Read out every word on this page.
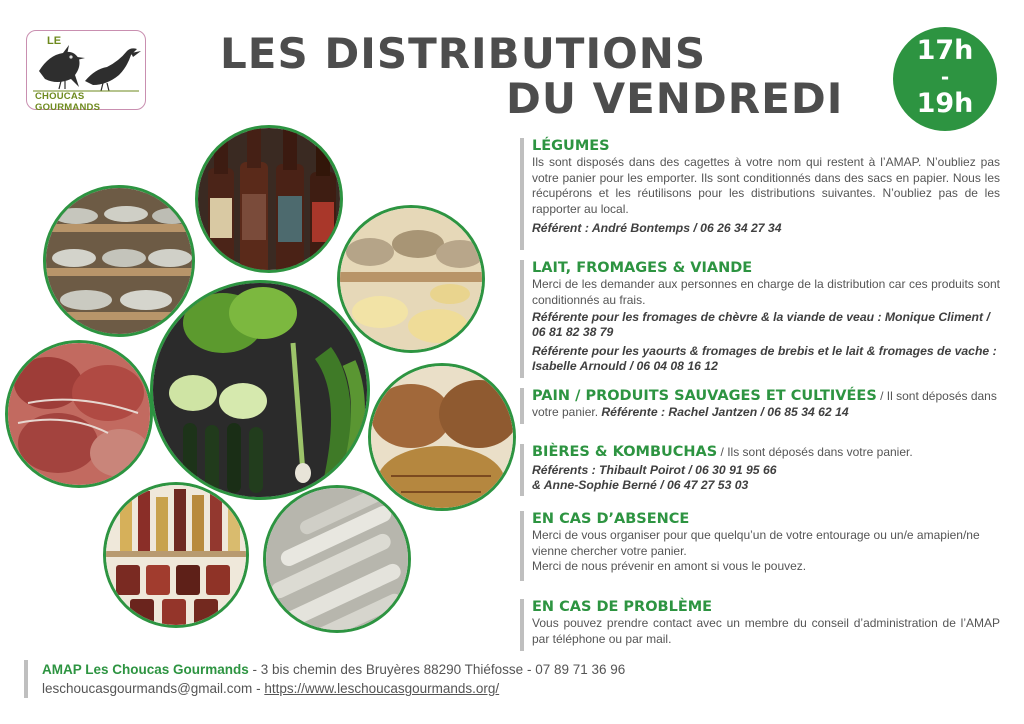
LE
CHOUCAS GOURMANDS
LES DISTRIBUTIONS
DU VENDREDI
17h
-
19h
LÉGUMES
Ils sont disposés dans des cagettes à votre nom qui restent à l’AMAP. N’oubliez pas votre panier pour les emporter. Ils sont conditionnés dans des sacs en papier. Nous les récupérons et les réutilisons pour les distributions suivantes. N’oubliez pas de les rapporter au local.
Référent : André Bontemps / 06 26 34 27 34
LAIT, FROMAGES & VIANDE
Merci de les demander aux personnes en charge de la distribution car ces produits sont conditionnés au frais.
Référente pour les fromages de chèvre & la viande de veau : Monique Climent / 06 81 82 38 79
Référente pour les yaourts & fromages de brebis et le lait & fromages de vache : Isabelle Arnould / 06 04 08 16 12
PAIN / PRODUITS SAUVAGES ET CULTIVÉES / Il sont déposés dans votre panier. Référente : Rachel Jantzen / 06 85 34 62 14
BIÈRES & KOMBUCHAS / Ils sont déposés dans votre panier.
Référents : Thibault Poirot / 06 30 91 95 66
& Anne-Sophie Berné / 06 47 27 53 03
EN CAS D’ABSENCE
Merci de vous organiser pour que quelqu’un de votre entourage ou un/e amapien/ne vienne chercher votre panier.
Merci de nous prévenir en amont si vous le pouvez.
EN CAS DE PROBLÈME
Vous pouvez prendre contact avec un membre du conseil d’administration de l’AMAP par téléphone ou par mail.
AMAP Les Choucas Gourmands - 3 bis chemin des Bruyères 88290 Thiéfosse - 07 89 71 36 96
leschoucasgourmands@gmail.com - https://www.leschoucasgourmands.org/
